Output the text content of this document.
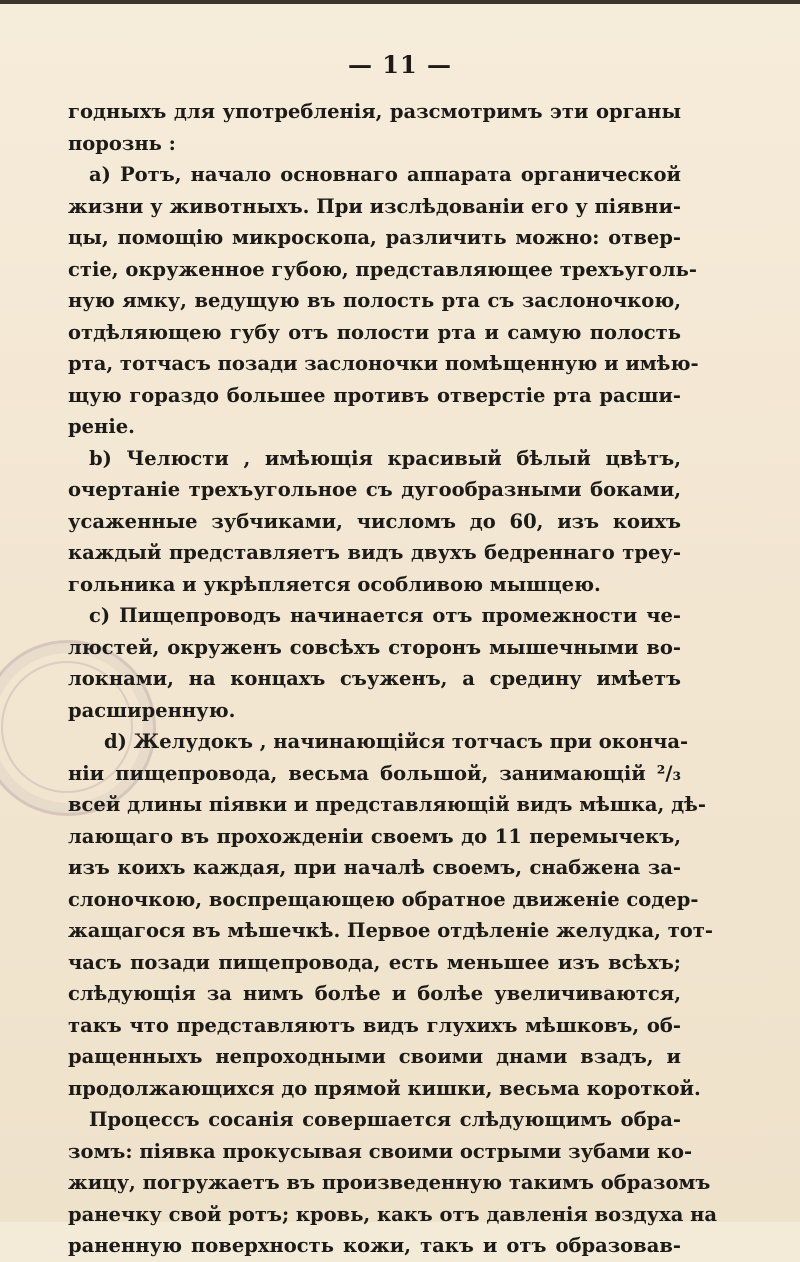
— 11 —
годныхъ для употребленія, разсмотримъ эти органы
порознь :
a) Ротъ, начало основнаго аппарата органической
жизни у животныхъ. При изслѣдованіи его у піявни-
цы, помощію микроскопа, различить можно: отвер-
стіе, окруженное губою, представляющее трехъуголь-
ную ямку, ведущую въ полость рта съ заслоночкою,
отдѣляющею губу отъ полости рта и самую полость
рта, тотчасъ позади заслоночки помѣщенную и имѣю-
щую гораздо большее противъ отверстіе рта расши-
реніе.
b) Челюсти , имѣющія красивый бѣлый цвѣтъ,
очертаніе трехъугольное съ дугообразными боками,
усаженные зубчиками, числомъ до 60, изъ коихъ
каждый представляетъ видъ двухъ бедреннаго треу-
гольника и укрѣпляется особливою мышцею.
c) Пищепроводъ начинается отъ промежности че-
люстей, окруженъ совсѣхъ сторонъ мышечными во-
локнами, на концахъ съуженъ, а средину имѣетъ
расширенную.
d) Желудокъ , начинающійся тотчасъ при оконча-
ніи пищепровода, весьма большой, занимающій ²/₃
всей длины піявки и представляющій видъ мѣшка, дѣ-
лающаго въ прохожденіи своемъ до 11 перемычекъ,
изъ коихъ каждая, при началѣ своемъ, снабжена за-
слоночкою, воспрещающею обратное движеніе содер-
жащагося въ мѣшечкѣ. Первое отдѣленіе желудка, тот-
часъ позади пищепровода, есть меньшее изъ всѣхъ;
слѣдующія за нимъ болѣе и болѣе увеличиваются,
такъ что представляютъ видъ глухихъ мѣшковъ, об-
ращенныхъ непроходными своими днами взадъ, и
продолжающихся до прямой кишки, весьма короткой.
Процессъ сосанія совершается слѣдующимъ обра-
зомъ: піявка прокусывая своими острыми зубами ко-
жицу, погружаетъ въ произведенную такимъ образомъ
ранечку свой ротъ; кровь, какъ отъ давленія воздуха на
раненную поверхность кожи, такъ и отъ образовав-
